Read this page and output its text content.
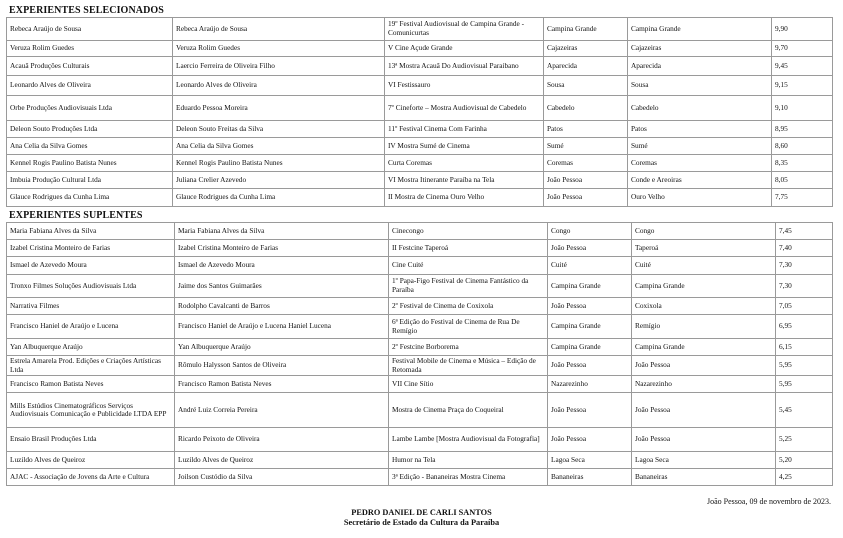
EXPERIENTES SELECIONADOS
Rebeca Araújo de Sousa	Rebeca Araújo de Sousa	19º Festival Audiovisual de Campina Grande - Comunicurtas	Campina Grande	Campina Grande	9,90
Veruza Rolim Guedes	Veruza Rolim Guedes	V Cine Açude Grande	Cajazeiras	Cajazeiras	9,70
Acauã Produções Culturais	Laercio Ferreira de Oliveira Filho	13ª Mostra Acauã Do Audiovisual Paraibano	Aparecida	Aparecida	9,45
Leonardo Alves de Oliveira	Leonardo Alves de Oliveira	VI Festissauro	Sousa	Sousa	9,15
Orbe Produções Audiovisuais Ltda	Eduardo Pessoa Moreira	7º Cineforte – Mostra Audiovisual de Cabedelo	Cabedelo	Cabedelo	9,10
Deleon Souto Produções Ltda	Deleon Souto Freitas da Silva	11º Festival Cinema Com Farinha	Patos	Patos	8,95
Ana Celia da Silva Gomes	Ana Celia da Silva Gomes	IV Mostra Sumé de Cinema	Sumé	Sumé	8,60
Kennel Rogis Paulino Batista Nunes	Kennel Rogis Paulino Batista Nunes	Curta Coremas	Coremas	Coremas	8,35
Imbuia Produção Cultural Ltda	Juliana Crelier Azevedo	VI Mostra Itinerante Paraíba na Tela	João Pessoa	Conde e Areoiras	8,05
Glauce Rodrigues da Cunha Lima	Glauce Rodrigues da Cunha Lima	II Mostra de Cinema Ouro Velho	João Pessoa	Ouro Velho	7,75
EXPERIENTES SUPLENTES
Maria Fabiana Alves da Silva	Maria Fabiana Alves da Silva	Cinecongo	Congo	Congo	7,45
Izabel Cristina Monteiro de Farias	Izabel Cristina Monteiro de Farias	II Festcine Taperoá	João Pessoa	Taperoá	7,40
Ismael de Azevedo Moura	Ismael de Azevedo Moura	Cine Cuité	Cuité	Cuité	7,30
Tronxo Filmes Soluções Audiovisuais Ltda	Jaime dos Santos Guimarães	1º Papa-Figo Festival de Cinema Fantástico da Paraíba	Campina Grande	Campina Grande	7,30
Narrativa Filmes	Rodolpho Cavalcanti de Barros	2º Festival de Cinema de Coxixola	João Pessoa	Coxixola	7,05
Francisco Haniel de Araújo e Lucena	Francisco Haniel de Araújo e Lucena Haniel Lucena	6ª Edição do Festival de Cinema de Rua De Remígio	Campina Grande	Remígio	6,95
Yan Albuquerque Araújo	Yan Albuquerque Araújo	2º Festcine Borborema	Campina Grande	Campina Grande	6,15
Estrela Amarela Prod. Edições e Criações Artísticas Ltda	Rômulo Halysson Santos de Oliveira	Festival Mobile de Cinema e Música – Edição de Retomada	João Pessoa	João Pessoa	5,95
Francisco Ramon Batista Neves	Francisco Ramon Batista Neves	VII Cine Sítio	Nazarezinho	Nazarezinho	5,95
Mills Estúdios Cinematográficos Serviços Audiovisuais Comunicação e Publicidade LTDA EPP	André Luiz Correia Pereira	Mostra de Cinema Praça do Coqueiral	João Pessoa	João Pessoa	5,45
Ensaio Brasil Produções Ltda	Ricardo Peixoto de Oliveira	Lambe Lambe [Mostra Audiovisual da Fotografia]	João Pessoa	João Pessoa	5,25
Luzildo Alves de Queiroz	Luzildo Alves de Queiroz	Humor na Tela	Lagoa Seca	Lagoa Seca	5,20
AJAC - Associação de Jovens da Arte e Cultura	Joilson Custódio da Silva	3ª Edição - Bananeiras Mostra Cinema	Bananeiras	Bananeiras	4,25
João Pessoa, 09 de novembro de 2023.
PEDRO DANIEL DE CARLI SANTOS
Secretário de Estado da Cultura da Paraíba
